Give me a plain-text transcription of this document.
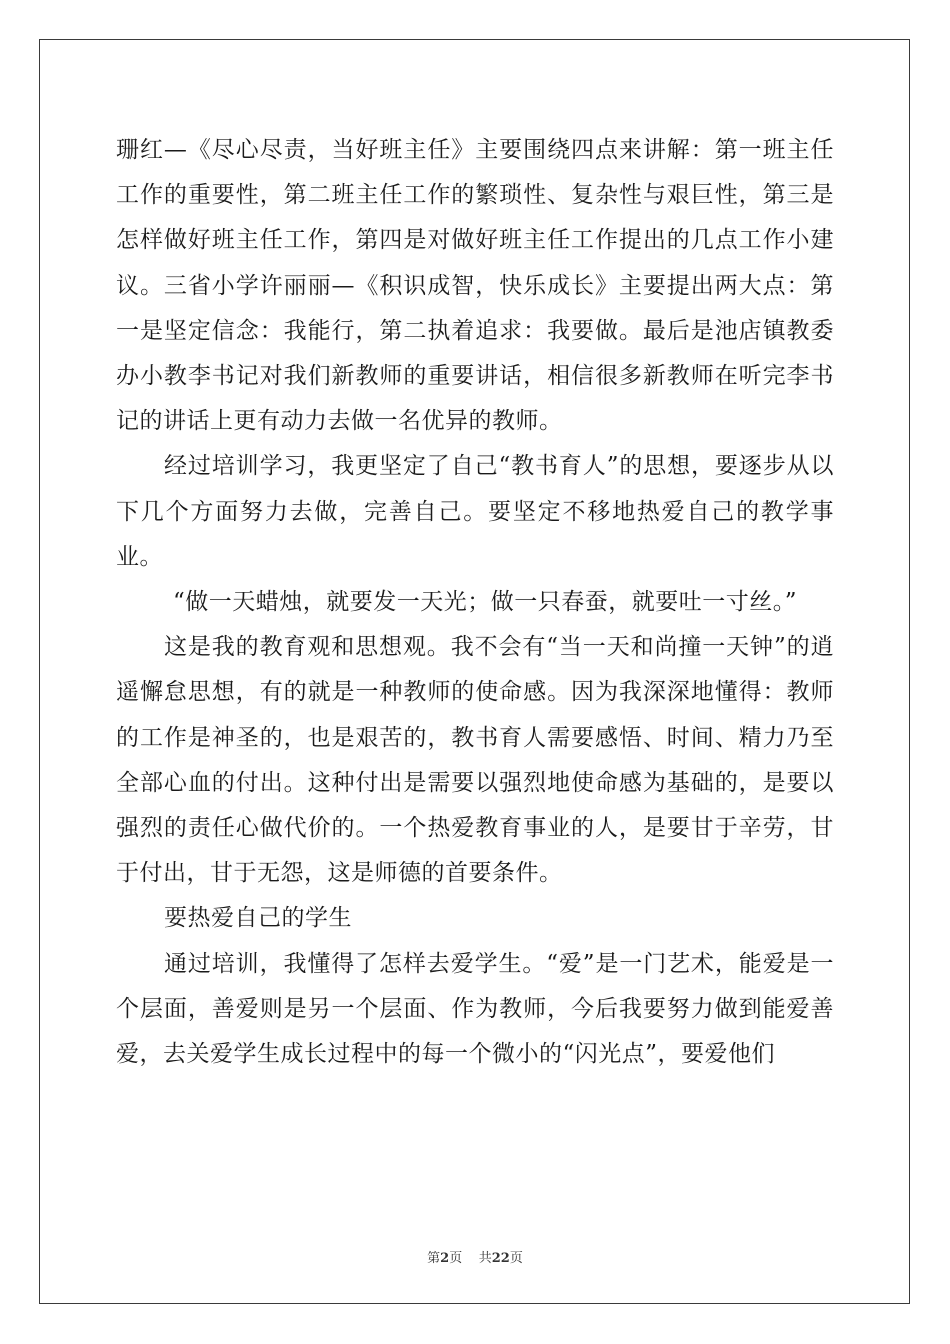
珊红—《尽心尽责，当好班主任》主要围绕四点来讲解：第一班主任工作的重要性，第二班主任工作的繁琐性、复杂性与艰巨性，第三是怎样做好班主任工作，第四是对做好班主任工作提出的几点工作小建议。三省小学许丽丽—《积识成智，快乐成长》主要提出两大点：第一是坚定信念：我能行，第二执着追求：我要做。最后是池店镇教委办小教李书记对我们新教师的重要讲话，相信很多新教师在听完李书记的讲话上更有动力去做一名优异的教师。

经过培训学习，我更坚定了自己“教书育人”的思想，要逐步从以下几个方面努力去做，完善自己。要坚定不移地热爱自己的教学事业。

“做一天蜡烛，就要发一天光；做一只春蚕，就要吐一寸丝。”

这是我的教育观和思想观。我不会有“当一天和尚撞一天钟”的逍遥懈怠思想，有的就是一种教师的使命感。因为我深深地懂得：教师的工作是神圣的，也是艰苦的，教书育人需要感悟、时间、精力乃至全部心血的付出。这种付出是需要以强烈地使命感为基础的，是要以强烈的责任心做代价的。一个热爱教育事业的人，是要甘于辛劳，甘于付出，甘于无怨，这是师德的首要条件。

要热爱自己的学生

通过培训，我懂得了怎样去爱学生。“爱”是一门艺术，能爱是一个层面，善爱则是另一个层面、作为教师，今后我要努力做到能爱善爱，去关爱学生成长过程中的每一个微小的“闪光点”，要爱他们

第2页 共22页
